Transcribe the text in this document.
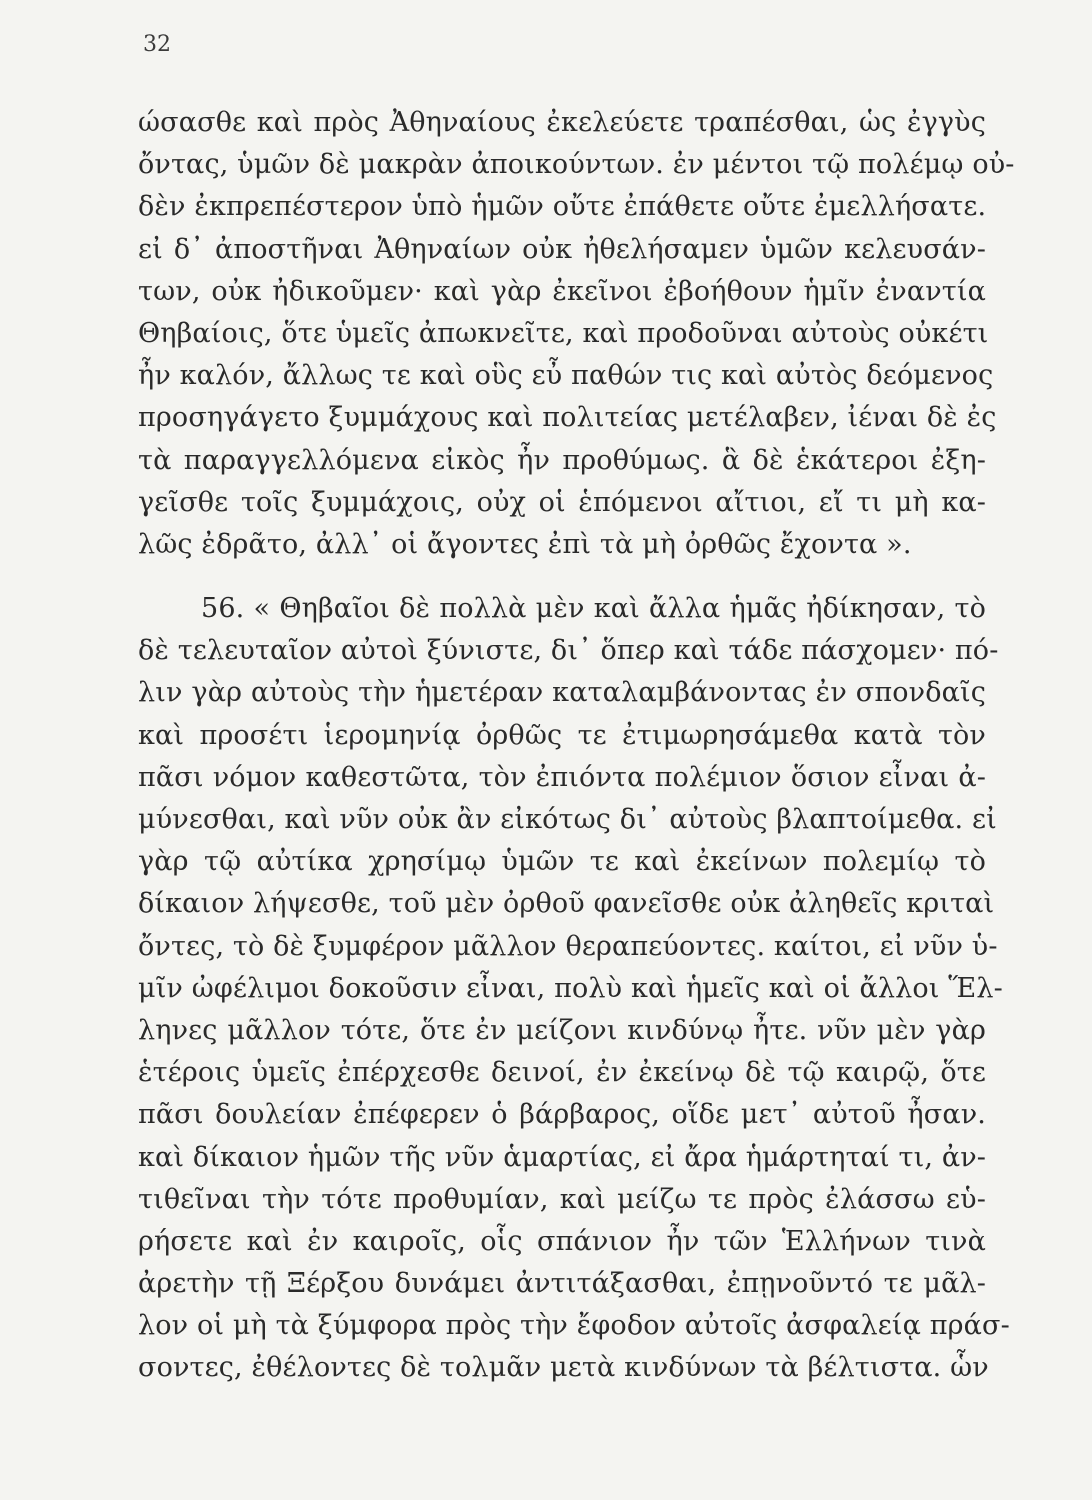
32
ώσασθε καὶ πρὸς Ἀθηναίους ἐκελεύετε τραπέσθαι, ὡς ἐγγὺς
ὄντας, ὑμῶν δὲ μακρὰν ἀποικούντων. ἐν μέντοι τῷ πολέμῳ οὐ-
δὲν ἐκπρεπέστερον ὑπὸ ἡμῶν οὔτε ἐπάθετε οὔτε ἐμελλήσατε.
εἰ δ᾽ ἀποστῆναι Ἀθηναίων οὐκ ἠθελήσαμεν ὑμῶν κελευσάν-
των, οὐκ ἠδικοῦμεν· καὶ γὰρ ἐκεῖνοι ἐβοήθουν ἡμῖν ἐναντία
Θηβαίοις, ὅτε ὑμεῖς ἀπωκνεῖτε, καὶ προδοῦναι αὐτοὺς οὐκέτι
ἦν καλόν, ἄλλως τε καὶ οὓς εὖ παθών τις καὶ αὐτὸς δεόμενος
προσηγάγετο ξυμμάχους καὶ πολιτείας μετέλαβεν, ἰέναι δὲ ἐς
τὰ παραγγελλόμενα εἰκὸς ἦν προθύμως. ἃ δὲ ἑκάτεροι ἐξη-
γεῖσθε τοῖς ξυμμάχοις, οὐχ οἱ ἑπόμενοι αἴτιοι, εἴ τι μὴ κα-
λῶς ἐδρᾶτο, ἀλλ᾽ οἱ ἄγοντες ἐπὶ τὰ μὴ ὀρθῶς ἔχοντα ».
56. « Θηβαῖοι δὲ πολλὰ μὲν καὶ ἄλλα ἡμᾶς ἠδίκησαν, τὸ
δὲ τελευταῖον αὐτοὶ ξύνιστε, δι᾽ ὅπερ καὶ τάδε πάσχομεν· πό-
λιν γὰρ αὐτοὺς τὴν ἡμετέραν καταλαμβάνοντας ἐν σπονδαῖς
καὶ προσέτι ἱερομηνίᾳ ὀρθῶς τε ἐτιμωρησάμεθα κατὰ τὸν
πᾶσι νόμον καθεστῶτα, τὸν ἐπιόντα πολέμιον ὅσιον εἶναι ἀ-
μύνεσθαι, καὶ νῦν οὐκ ἂν εἰκότως δι᾽ αὐτοὺς βλαπτοίμεθα. εἰ
γὰρ τῷ αὐτίκα χρησίμῳ ὑμῶν τε καὶ ἐκείνων πολεμίῳ τὸ
δίκαιον λήψεσθε, τοῦ μὲν ὀρθοῦ φανεῖσθε οὐκ ἀληθεῖς κριταὶ
ὄντες, τὸ δὲ ξυμφέρον μᾶλλον θεραπεύοντες. καίτοι, εἰ νῦν ὑ-
μῖν ὠφέλιμοι δοκοῦσιν εἶναι, πολὺ καὶ ἡμεῖς καὶ οἱ ἄλλοι Ἕλ-
ληνες μᾶλλον τότε, ὅτε ἐν μείζονι κινδύνῳ ἦτε. νῦν μὲν γὰρ
ἑτέροις ὑμεῖς ἐπέρχεσθε δεινοί, ἐν ἐκείνῳ δὲ τῷ καιρῷ, ὅτε
πᾶσι δουλείαν ἐπέφερεν ὁ βάρβαρος, οἵδε μετ᾽ αὐτοῦ ἦσαν.
καὶ δίκαιον ἡμῶν τῆς νῦν ἁμαρτίας, εἰ ἄρα ἡμάρτηταί τι, ἀν-
τιθεῖναι τὴν τότε προθυμίαν, καὶ μείζω τε πρὸς ἐλάσσω εὑ-
ρήσετε καὶ ἐν καιροῖς, οἷς σπάνιον ἦν τῶν Ἑλλήνων τινὰ
ἀρετὴν τῇ Ξέρξου δυνάμει ἀντιτάξασθαι, ἐπῃνοῦντό τε μᾶλ-
λον οἱ μὴ τὰ ξύμφορα πρὸς τὴν ἔφοδον αὐτοῖς ἀσφαλείᾳ πράσ-
σοντες, ἐθέλοντες δὲ τολμᾶν μετὰ κινδύνων τὰ βέλτιστα. ὧν
